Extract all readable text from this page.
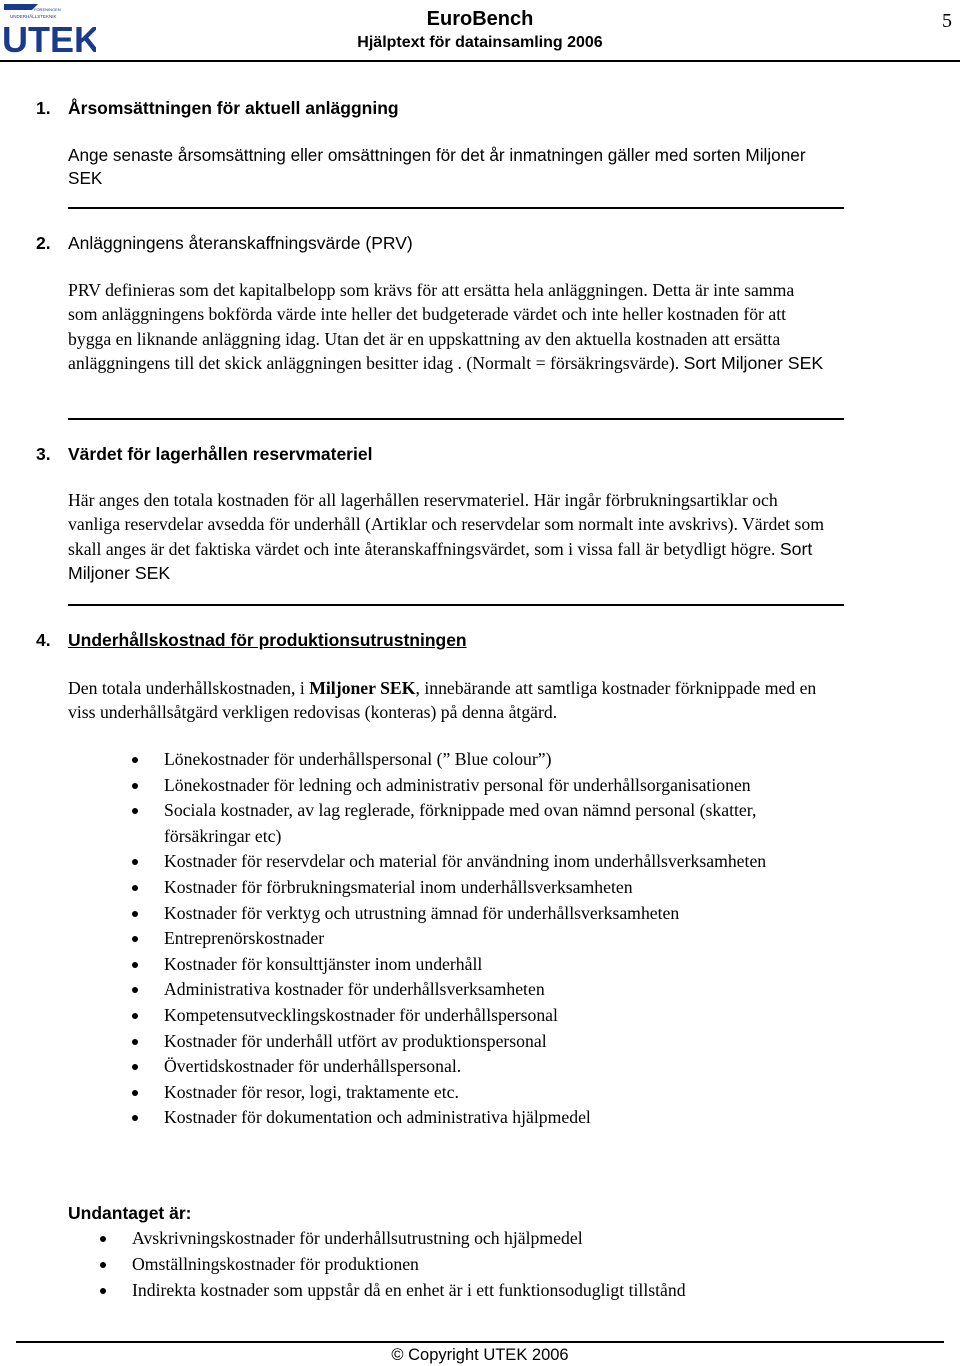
FÖRENINGEN
UNDERHÅLLSTEKNIK
UTEK	EuroBench
Hjälptext för datainsamling 2006
5
1. Årsomsättningen för aktuell anläggning
Ange senaste årsomsättning eller omsättningen för det år inmatningen gäller med sorten Miljoner SEK
2. Anläggningens återanskaffningsvärde (PRV)
PRV definieras som det kapitalbelopp som krävs för att ersätta hela anläggningen. Detta är inte samma som anläggningens bokförda värde inte heller det budgeterade värdet och inte heller kostnaden för att bygga en liknande anläggning idag. Utan det är en uppskattning av den aktuella kostnaden att ersätta anläggningens till det skick anläggningen besitter idag . (Normalt = försäkringsvärde). Sort Miljoner SEK
3. Värdet för lagerhållen reservmateriel
Här anges den totala kostnaden för all lagerhållen reservmateriel. Här ingår förbrukningsartiklar och vanliga reservdelar avsedda för underhåll (Artiklar och reservdelar som normalt inte avskrivs). Värdet som skall anges är det faktiska värdet och inte återanskaffningsvärdet, som i vissa fall är betydligt högre. Sort Miljoner SEK
4. Underhållskostnad för produktionsutrustningen
Den totala underhållskostnaden, i Miljoner SEK, innebärande att samtliga kostnader förknippade med en viss underhållsåtgärd verkligen redovisas (konteras) på denna åtgärd.
Lönekostnader för underhållspersonal (” Blue colour”)
Lönekostnader för ledning och administrativ personal för underhållsorganisationen
Sociala kostnader, av lag reglerade, förknippade med ovan nämnd personal (skatter, försäkringar etc)
Kostnader för reservdelar och material för användning inom underhållsverksamheten
Kostnader för förbrukningsmaterial inom underhållsverksamheten
Kostnader för verktyg och utrustning ämnad för underhållsverksamheten
Entreprenörskostnader
Kostnader för konsulttjänster inom underhåll
Administrativa kostnader för underhållsverksamheten
Kompetensutvecklingskostnader för underhållspersonal
Kostnader för underhåll utfört av produktionspersonal
Övertidskostnader för underhållspersonal.
Kostnader för resor, logi, traktamente etc.
Kostnader för dokumentation och administrativa hjälpmedel
Undantaget är:
Avskrivningskostnader för underhållsutrustning och hjälpmedel
Omställningskostnader för produktionen
Indirekta kostnader som uppstår då en enhet är i ett funktionsodugligt tillstånd
© Copyright UTEK 2006
